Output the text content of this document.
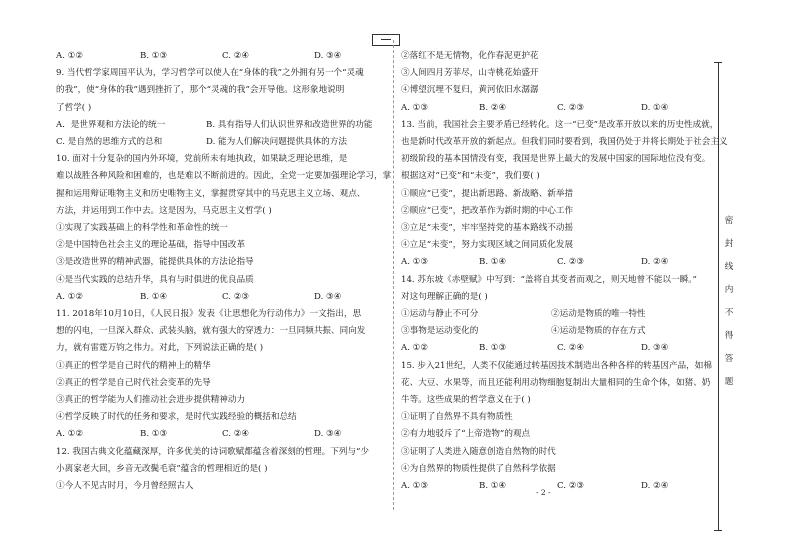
A. ①②	B. ①③	C. ②④	D. ③④
9. 当代哲学家周国平认为，学习哲学可以使人在“身体的我”之外拥有另一个“灵魂
的我”，使“身体的我”遇到挫折了，那个“灵魂的我”会开导他。这形象地说明
了哲学( )
A．是世界观和方法论的统一	B. 具有指导人们认识世界和改造世界的功能
C. 是自然的思维方式的总和	D. 能为人们解决问题提供具体的方法
10. 面对十分复杂的国内外环境，党前所未有地执政，如果缺乏理论思维，是
难以战胜各种风险和困难的，也是难以不断前进的。因此，全党一定要加强理论学习，掌
握和运用辩证唯物主义和历史唯物主义，掌握贯穿其中的马克思主义立场、观点、
方法，并运用到工作中去。这是因为，马克思主义哲学( )
①实现了实践基础上的科学性和革命性的统一
②是中国特色社会主义的理论基础，指导中国改革
③是改造世界的精神武器，能提供具体的方法论指导
④是当代实践的总结升华，具有与时俱进的优良品质
A. ①②	B. ①④	C. ②③	D. ③④
11. 2018年10月10日，《人民日报》发表《让思想化为行动伟力》一文指出，思
想的闪电，一旦深入群众、武装头脑，就有强大的穿透力：一旦同频共振、同向发
力，就有雷霆万钧之伟力。对此，下列说法正确的是( )
①真正的哲学是自己时代的精神上的精华
②真正的哲学是自己时代社会变革的先导
③真正的哲学能为人们推动社会进步提供精神动力
④哲学反映了时代的任务和要求，是时代实践经验的概括和总结
A. ①②	B. ①③	C. ②④	D. ③④
12. 我国古典文化蕴藏深厚，许多优美的诗词歌赋都蕴含着深刻的哲理。下列与“少
小离家老大回，乡音无改鬓毛衰”蕴含的哲理相近的是( )
①今人不见古时月，今月曾经照古人
②落红不是无情物，化作春泥更护花
③人间四月芳菲尽，山寺桃花始盛开
④博望沉埋不复归，黄河依旧水潺潺
A. ①③	B. ②④	C. ②③	D. ①④
13. 当前，我国社会主要矛盾已经转化。这一“已变”是改革开放以来的历史性成就，
也是新时代改革开放的新起点。但我们同时要看到，我国仍处于并将长期处于社会主义
初级阶段的基本国情没有变，我国是世界上最大的发展中国家的国际地位没有变。
根据这对“已变”和“未变”，我们要( )
①顺应“已变”，提出新思路、新战略、新举措
②顺应“已变”，把改革作为新时期的中心工作
③立足“未变”，牢牢坚持党的基本路线不动摇
④立足“未变”，努力实现区域之间同质化发展
A. ①③	B. ①④	C. ②③	D. ②④
14. 苏东坡《赤壁赋》中写到：“盖将自其变者而观之，则天地曾不能以一瞬。”
对这句理解正确的是( )
①运动与静止不可分	②运动是物质的唯一特性
③事物是运动变化的	④运动是物质的存在方式
A. ①②	B. ①③	C. ②④	D. ③④
15. 步入21世纪，人类不仅能通过转基因技术制造出各种各样的转基因产品，如棉
花、大豆、水果等，而且还能利用动物细胞复制出大量相同的生命个体，如猪、奶
牛等。这些成果的哲学意义在于( )
①证明了自然界不具有物质性
②有力地驳斥了“上帝造物”的观点
③证明了人类进入随意创造自然物的时代
④为自然界的物质性提供了自然科学依据
A. ①③	B. ①④	C. ②③	D. ②④
密
封
线
内
不
得
答
题
- 2 -
